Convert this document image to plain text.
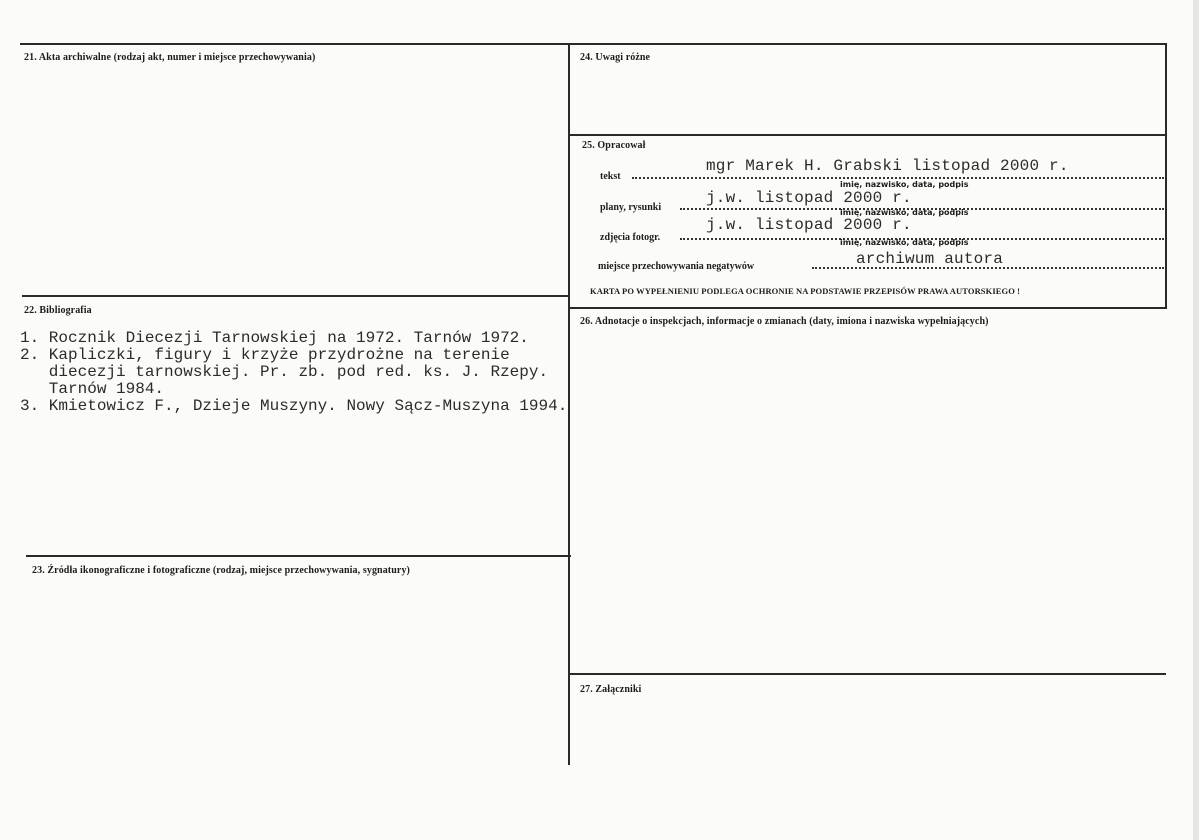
21. Akta archiwalne (rodzaj akt, numer i miejsce przechowywania)
22. Bibliografia
23. Źródła ikonograficzne i fotograficzne (rodzaj, miejsce przechowywania, sygnatury)
24. Uwagi różne
25. Opracował
26. Adnotacje o inspekcjach, informacje o zmianach (daty, imiona i nazwiska wypełniających)
27. Załączniki
tekst
mgr Marek H. Grabski listopad 2000 r.
imię, nazwisko, data, podpis
plany, rysunki
j.w. listopad 2000 r.
imię, nazwisko, data, podpis
zdjęcia fotogr.
j.w. listopad 2000 r.
imię, nazwisko, data, podpis
miejsce przechowywania negatywów	archiwum autora
KARTA PO WYPEŁNIENIU PODLEGA OCHRONIE NA PODSTAWIE PRZEPISÓW PRAWA AUTORSKIEGO !
1. Rocznik Diecezji Tarnowskiej na 1972. Tarnów 1972.
2. Kapliczki, figury i krzyże przydrożne na terenie
diecezji tarnowskiej. Pr. zb. pod red. ks. J. Rzepy.
Tarnów 1984.
3. Kmietowicz F., Dzieje Muszyny. Nowy Sącz-Muszyna 1994.
